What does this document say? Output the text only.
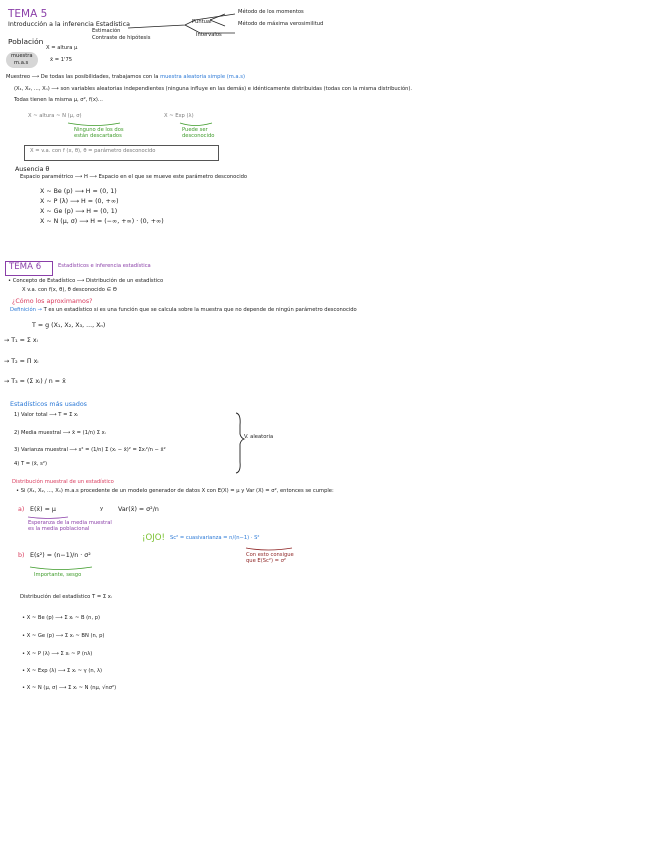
TEMA 5
Introducción a la inferencia Estadística
Estimación
Contraste de hipótesis
Puntual
Método de los momentos
Método de máxima verosimilitud
Intervalos
Población
X = altura μ
muestra
m.a.s	x̄ = 1'75
Muestreo ⟶ De todas las posibilidades, trabajamos con la muestra aleatoria simple (m.a.s)
(X₁, X₂, ..., Xₙ) ⟶ son variables aleatorias independientes (ninguna influye en las demás) e idénticamente distribuidas (todas con la misma distribución).
Todas tienen la misma μ, σ², f(x)...
X ~ altura ~ N (μ, σ)
Ninguno de los dos están descartados
X ~ Exp (λ)
Puede ser desconocido
X = v.a. con f (x, θ), θ = parámetro desconocido
Ausencia θ
Espacio paramétrico ⟶ H ⟶ Espacio en el que se mueve este parámetro desconocido
X ~ Be (p) ⟶ H = (0, 1)
X ~ P (λ) ⟶ H = (0, +∞)
X ~ Ge (p) ⟶ H = (0, 1)
X ~ N (μ, σ) ⟶ H = (−∞, +∞) · (0, +∞)
TEMA 6	Estadísticos e inferencia estadística
• Concepto de Estadístico ⟶ Distribución de un estadístico
X v.a. con f(x, θ), θ desconocido ∈ Θ
¿Cómo los aproximamos?
Definición → T es un estadístico si es una función que se calcula sobre la muestra que no depende de ningún parámetro desconocido
T = g (X₁, X₂, X₃, ..., Xₙ)
→ T₁ = Σ xᵢ
→ T₂ = Π xᵢ
→ T₃ = (Σ xᵢ) / n = x̄
Estadísticos más usados
1) Valor total ⟶ T = Σ xᵢ
2) Media muestral ⟶ x̄ = (1/n) Σ xᵢ
3) Varianza muestral ⟶ s² = (1/n) Σ (xᵢ − x̄)² = Σxᵢ²/n − x̄²
4) T = (x̄, s²)
V. aleatoria
Distribución muestral de un estadístico
• Si (X₁, X₂, ..., Xₙ) m.a.s procedente de un modelo generador de datos X con E(X) = μ y Var (X) = σ², entonces se cumple:
a) E(x̄) = μ	y Var(x̄) = σ²/n
Esperanza de la media muestral es la media poblacional
¡OJO! Sc² = cuasivarianza = n/(n−1) · S²
Con esto consigue que E(Sc²) = σ²
b) E(s²) = (n−1)/n · σ²
Importante, sesgo
Distribución del estadístico T = Σ xᵢ
• X ~ Be (p) ⟶ Σ xᵢ ~ B (n, p)
• X ~ Ge (p) ⟶ Σ xᵢ ~ BN (n, p)
• X ~ P (λ) ⟶ Σ xᵢ ~ P (nλ)
• X ~ Exp (λ) ⟶ Σ xᵢ ~ γ (n, λ)
• X ~ N (μ, σ) ⟶ Σ xᵢ ~ N (nμ, √nσ²)
